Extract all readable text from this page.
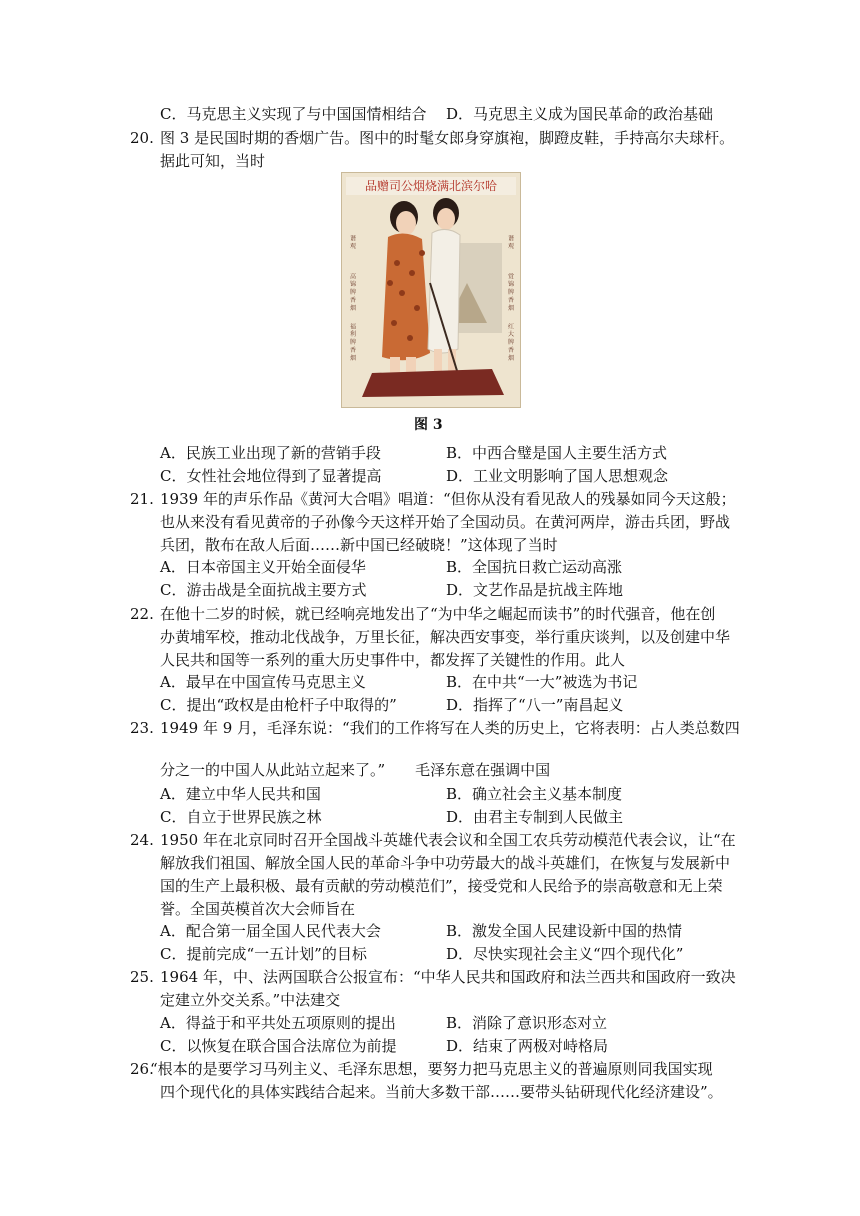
C．马克思主义实现了与中国国情相结合 D．马克思主义成为国民革命的政治基础
20. 图 3 是民国时期的香烟广告。图中的时髦女郎身穿旗袍，脚蹬皮鞋，手持高尔夫球杆。
据此可知，当时
品赠司公烟烧满北滨尔哈
谐 观
高 锦 牌 香 烟
福 利 牌 香 烟
谐 观
赏 锦 牌 香 烟
红 大 牌 香 烟
图 3
A．民族工业出现了新的营销手段	B．中西合璧是国人主要生活方式
C．女性社会地位得到了显著提高	D．工业文明影响了国人思想观念
21. 1939 年的声乐作品《黄河大合唱》唱道：“但你从没有看见敌人的残暴如同今天这般；
也从来没有看见黄帝的子孙像今天这样开始了全国动员。在黄河两岸，游击兵团，野战
兵团，散布在敌人后面……新中国已经破晓！”这体现了当时
A．日本帝国主义开始全面侵华	B．全国抗日救亡运动高涨
C．游击战是全面抗战主要方式	D．文艺作品是抗战主阵地
22. 在他十二岁的时候，就已经响亮地发出了“为中华之崛起而读书”的时代强音，他在创
办黄埔军校，推动北伐战争，万里长征，解决西安事变，举行重庆谈判，以及创建中华
人民共和国等一系列的重大历史事件中，都发挥了关键性的作用。此人
A．最早在中国宣传马克思主义	B．在中共“一大”被选为书记
C．提出“政权是由枪杆子中取得的”	D．指挥了“八一”南昌起义
23. 1949 年 9 月，毛泽东说：“我们的工作将写在人类的历史上，它将表明：占人类总数四
分之一的中国人从此站立起来了。”　　毛泽东意在强调中国
A．建立中华人民共和国	B．确立社会主义基本制度
C．自立于世界民族之林	D．由君主专制到人民做主
24. 1950 年在北京同时召开全国战斗英雄代表会议和全国工农兵劳动模范代表会议，让“在
解放我们祖国、解放全国人民的革命斗争中功劳最大的战斗英雄们，在恢复与发展新中
国的生产上最积极、最有贡献的劳动模范们”，接受党和人民给予的崇高敬意和无上荣
誉。全国英模首次大会师旨在
A．配合第一届全国人民代表大会	B．激发全国人民建设新中国的热情
C．提前完成“一五计划”的目标	D．尽快实现社会主义“四个现代化”
25. 1964 年，中、法两国联合公报宣布：“中华人民共和国政府和法兰西共和国政府一致决
定建立外交关系。”中法建交
A．得益于和平共处五项原则的提出	B．消除了意识形态对立
C．以恢复在联合国合法席位为前提	D．结束了两极对峙格局
26.
“根本的是要学习马列主义、毛泽东思想，要努力把马克思主义的普遍原则同我国实现
四个现代化的具体实践结合起来。当前大多数干部……要带头钻研现代化经济建设”。
